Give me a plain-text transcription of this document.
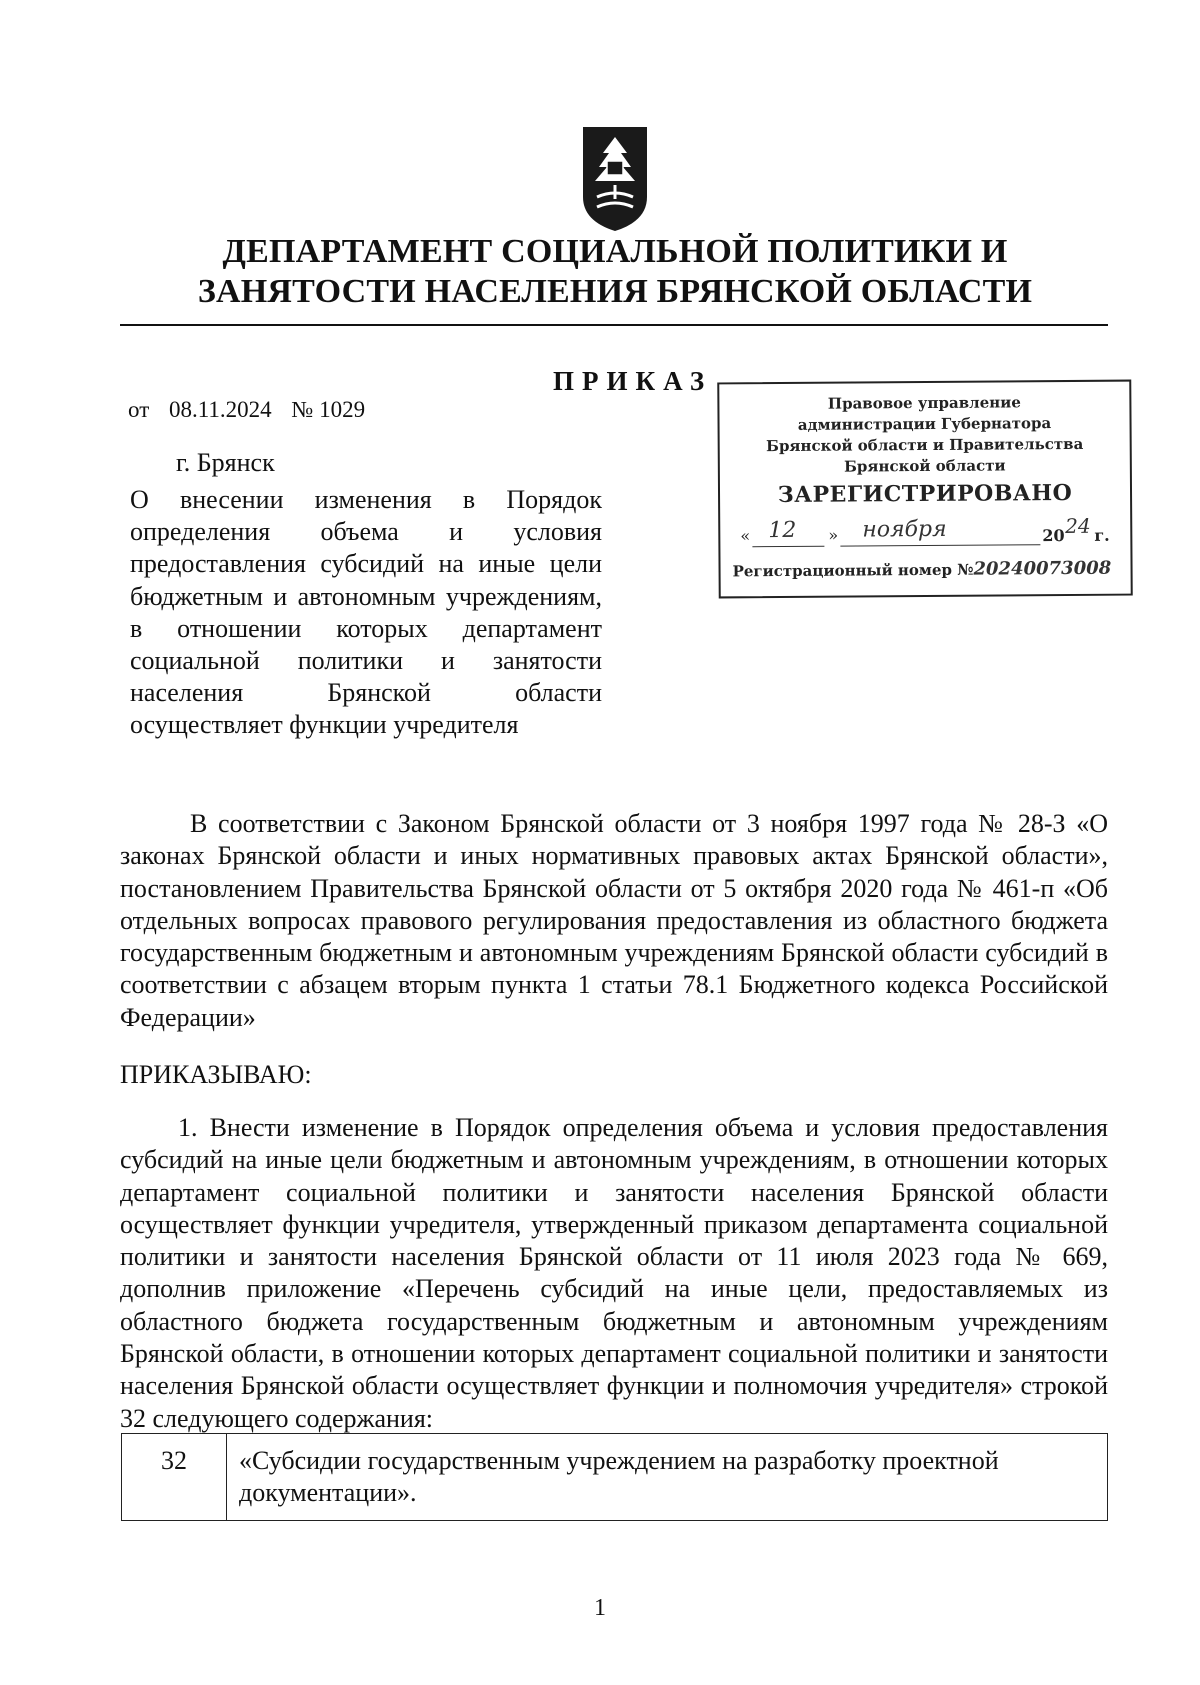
ДЕПАРТАМЕНТ СОЦИАЛЬНОЙ ПОЛИТИКИ И ЗАНЯТОСТИ НАСЕЛЕНИЯ БРЯНСКОЙ ОБЛАСТИ
ПРИКАЗ
от 08.11.2024 № 1029
г. Брянск
О внесении изменения в Порядок определения объема и условия предоставления субсидий на иные цели бюджетным и автономным учреждениям, в отношении которых департамент социальной политики и занятости населения Брянской области осуществляет функции учредителя
Правовое управление
администрации Губернатора
Брянской области и Правительства
Брянской области
ЗАРЕГИСТРИРОВАНО
« 12 » ноября	20 24 г.
Регистрационный номер №20240073008

В соответствии с Законом Брянской области от 3 ноября 1997 года № 28-З «О законах Брянской области и иных нормативных правовых актах Брянской области», постановлением Правительства Брянской области от 5 октября 2020 года № 461-п «Об отдельных вопросах правового регулирования предоставления из областного бюджета государственным бюджетным и автономным учреждениям Брянской области субсидий в соответствии с абзацем вторым пункта 1 статьи 78.1 Бюджетного кодекса Российской Федерации»

ПРИКАЗЫВАЮ:

1. Внести изменение в Порядок определения объема и условия предоставления субсидий на иные цели бюджетным и автономным учреждениям, в отношении которых департамент социальной политики и занятости населения Брянской области осуществляет функции учредителя, утвержденный приказом департамента социальной политики и занятости населения Брянской области от 11 июля 2023 года № 669, дополнив приложение «Перечень субсидий на иные цели, предоставляемых из областного бюджета государственным бюджетным и автономным учреждениям Брянской области, в отношении которых департамент социальной политики и занятости населения Брянской области осуществляет функции и полномочия учредителя» строкой 32 следующего содержания:

32	«Субсидии государственным учреждением на разработку проектной документации».
1
